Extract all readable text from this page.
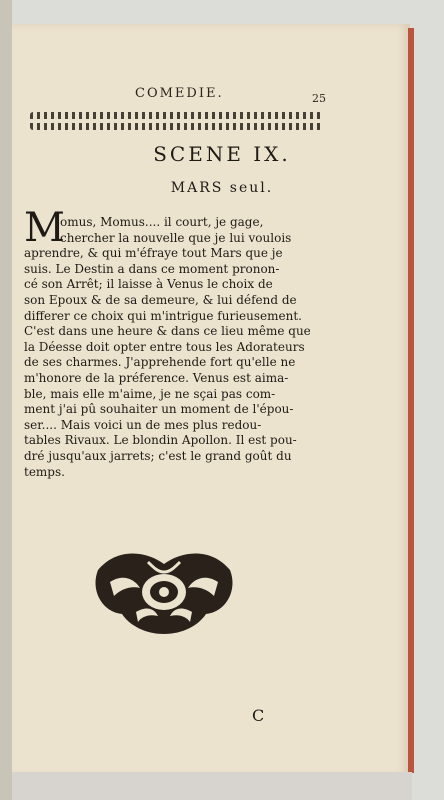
COMEDIE.	25
SCENE IX.
MARS seul.
M
omus, Momus.... il court, je gage,
chercher la nouvelle que je lui voulois
aprendre, & qui m'éfraye tout Mars que je
suis. Le Destin a dans ce moment pronon-
cé son Arrêt; il laisse à Venus le choix de
son Epoux & de sa demeure, & lui défend de
differer ce choix qui m'intrigue furieusement.
C'est dans une heure & dans ce lieu même que
la Déesse doit opter entre tous les Adorateurs
de ses charmes. J'apprehende fort qu'elle ne
m'honore de la préference. Venus est aima-
ble, mais elle m'aime, je ne sçai pas com-
ment j'ai pû souhaiter un moment de l'épou-
ser.... Mais voici un de mes plus redou-
tables Rivaux. Le blondin Apollon. Il est pou-
dré jusqu'aux jarrets; c'est le grand goût du
temps.
C
